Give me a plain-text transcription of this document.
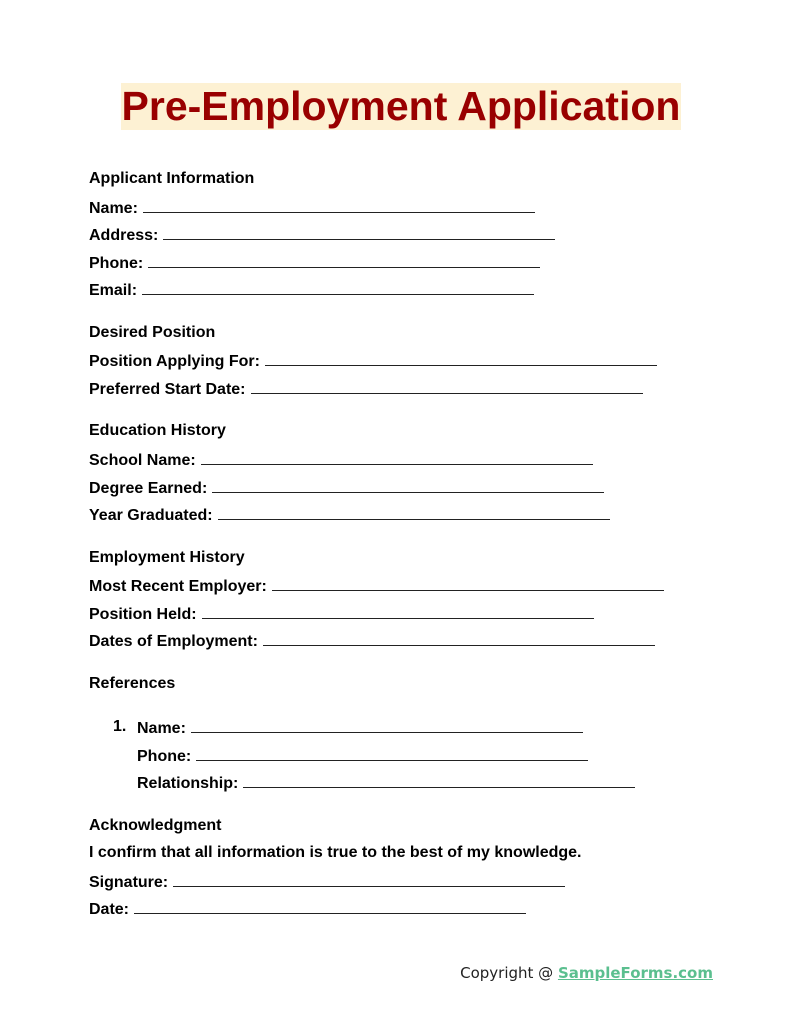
Pre-Employment Application
Applicant Information
Name:
Address:
Phone:
Email:
Desired Position
Position Applying For:
Preferred Start Date:
Education History
School Name:
Degree Earned:
Year Graduated:
Employment History
Most Recent Employer:
Position Held:
Dates of Employment:
References
1. Name:
Phone:
Relationship:
Acknowledgment
I confirm that all information is true to the best of my knowledge.
Signature:
Date:
Copyright @ SampleForms.com
